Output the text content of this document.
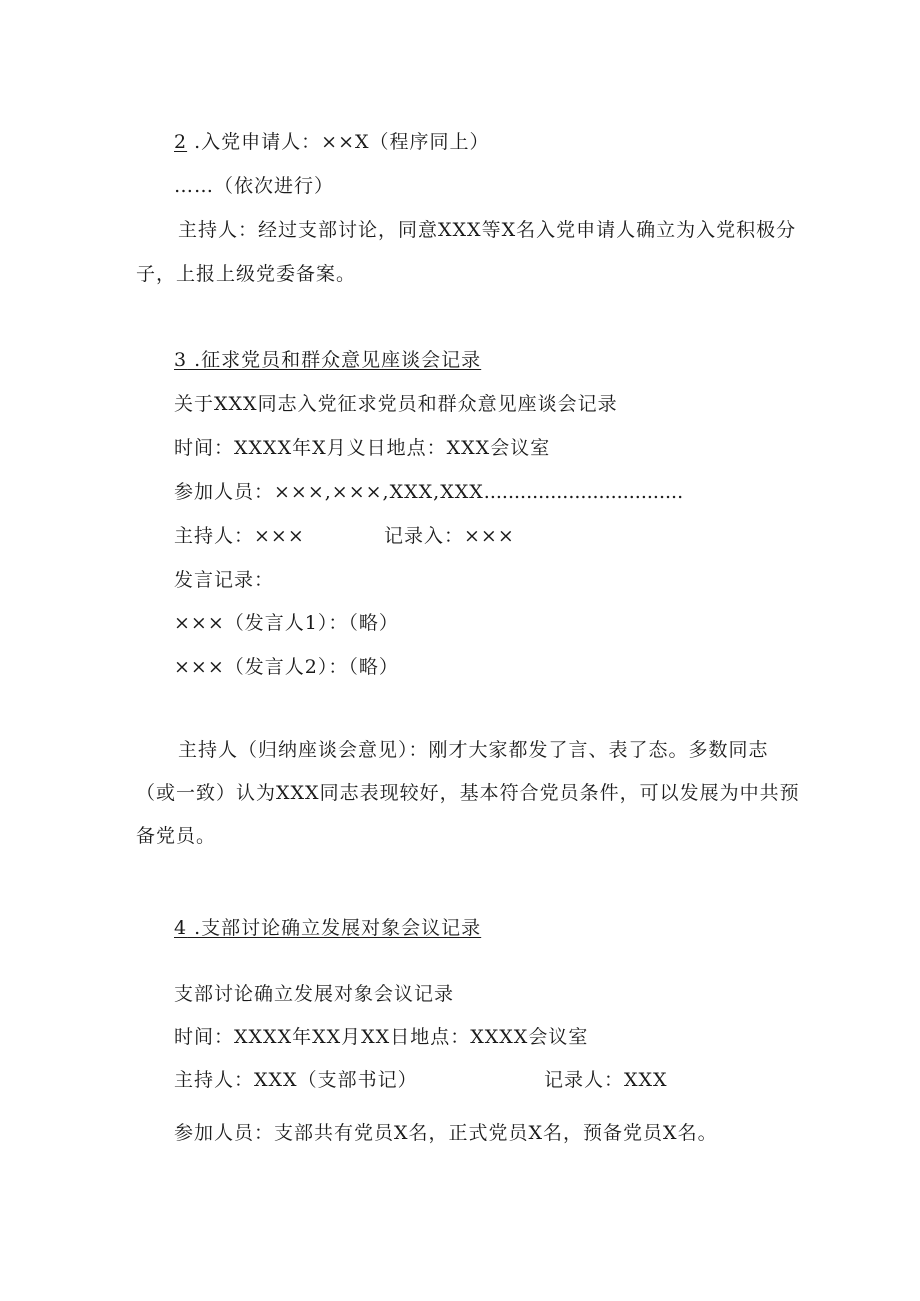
2 .入党申请人：××X（程序同上）
……（依次进行）
主持人：经过支部讨论，同意XXX等X名入党申请人确立为入党积极分
子，上报上级党委备案。
3 .征求党员和群众意见座谈会记录
关于XXX同志入党征求党员和群众意见座谈会记录
时间：XXXX年X月义日地点：XXX会议室
参加人员：×××,×××,XXX,XXX.................................
主持人：×××	记录入：×××
发言记录：
×××（发言人1）：（略）
×××（发言人2）：（略）
主持人（归纳座谈会意见）：刚才大家都发了言、表了态。多数同志
（或一致）认为XXX同志表现较好，基本符合党员条件，可以发展为中共预
备党员。
4 .支部讨论确立发展对象会议记录
支部讨论确立发展对象会议记录
时间：XXXX年XX月XX日地点：XXXX会议室
主持人：XXX（支部书记）	记录人：XXX
参加人员：支部共有党员X名，正式党员X名，预备党员X名。
